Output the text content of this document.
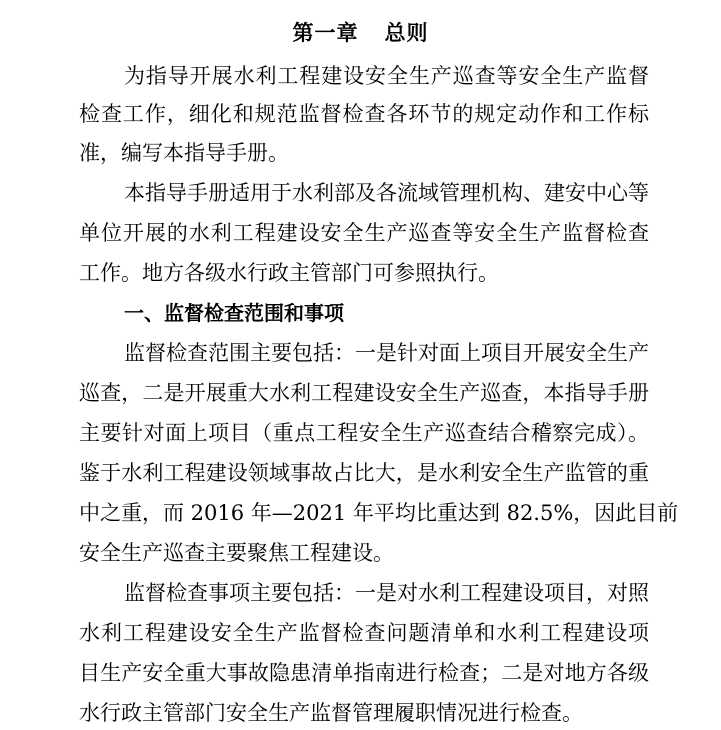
第一章 总则
为指导开展水利工程建设安全生产巡查等安全生产监督
检查工作，细化和规范监督检查各环节的规定动作和工作标
准，编写本指导手册。
本指导手册适用于水利部及各流域管理机构、建安中心等
单位开展的水利工程建设安全生产巡查等安全生产监督检查
工作。地方各级水行政主管部门可参照执行。
一、监督检查范围和事项
监督检查范围主要包括：一是针对面上项目开展安全生产
巡查，二是开展重大水利工程建设安全生产巡查，本指导手册
主要针对面上项目（重点工程安全生产巡查结合稽察完成）。
鉴于水利工程建设领域事故占比大，是水利安全生产监管的重
中之重，而 2016 年—2021 年平均比重达到 82.5%，因此目前
安全生产巡查主要聚焦工程建设。
监督检查事项主要包括：一是对水利工程建设项目，对照
水利工程建设安全生产监督检查问题清单和水利工程建设项
目生产安全重大事故隐患清单指南进行检查；二是对地方各级
水行政主管部门安全生产监督管理履职情况进行检查。
